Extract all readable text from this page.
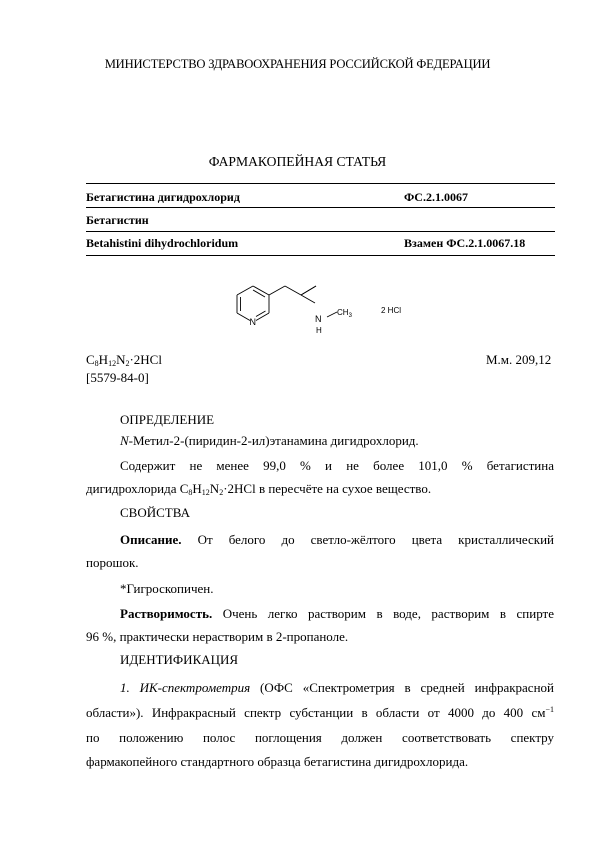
МИНИСТЕРСТВО ЗДРАВООХРАНЕНИЯ РОССИЙСКОЙ ФЕДЕРАЦИИ
ФАРМАКОПЕЙНАЯ СТАТЬЯ
Бетагистина дигидрохлорид	ФС.2.1.0067
Бетагистин
Betahistini dihydrochloridum	Взамен ФС.2.1.0067.18
N	N
H
$CH_3$
2 HCl
$C_8H_{12}N_2\cdot 2HCl$
[5579-84-0]
М.м. 209,12
ОПРЕДЕЛЕНИЕ
N-Метил-2-(пиридин-2-ил)этанамина дигидрохлорид.
Содержит не менее 99,0 % и не более 101,0 % бетагистина
дигидрохлорида $C_8H_{12}N_2\cdot 2HCl$ в пересчёте на сухое вещество.
СВОЙСТВА
Описание. От белого до светло-жёлтого цвета кристаллический
порошок.
*Гигроскопичен.
Растворимость. Очень легко растворим в воде, растворим в спирте
96 %, практически нерастворим в 2-пропаноле.
ИДЕНТИФИКАЦИЯ
1. ИК-спектрометрия (ОФС «Спектрометрия в средней инфракрасной
области»). Инфракрасный спектр субстанции в области от 4000 до 400 $см^{-1}$
по положению полос поглощения должен соответствовать спектру
фармакопейного стандартного образца бетагистина дигидрохлорида.
